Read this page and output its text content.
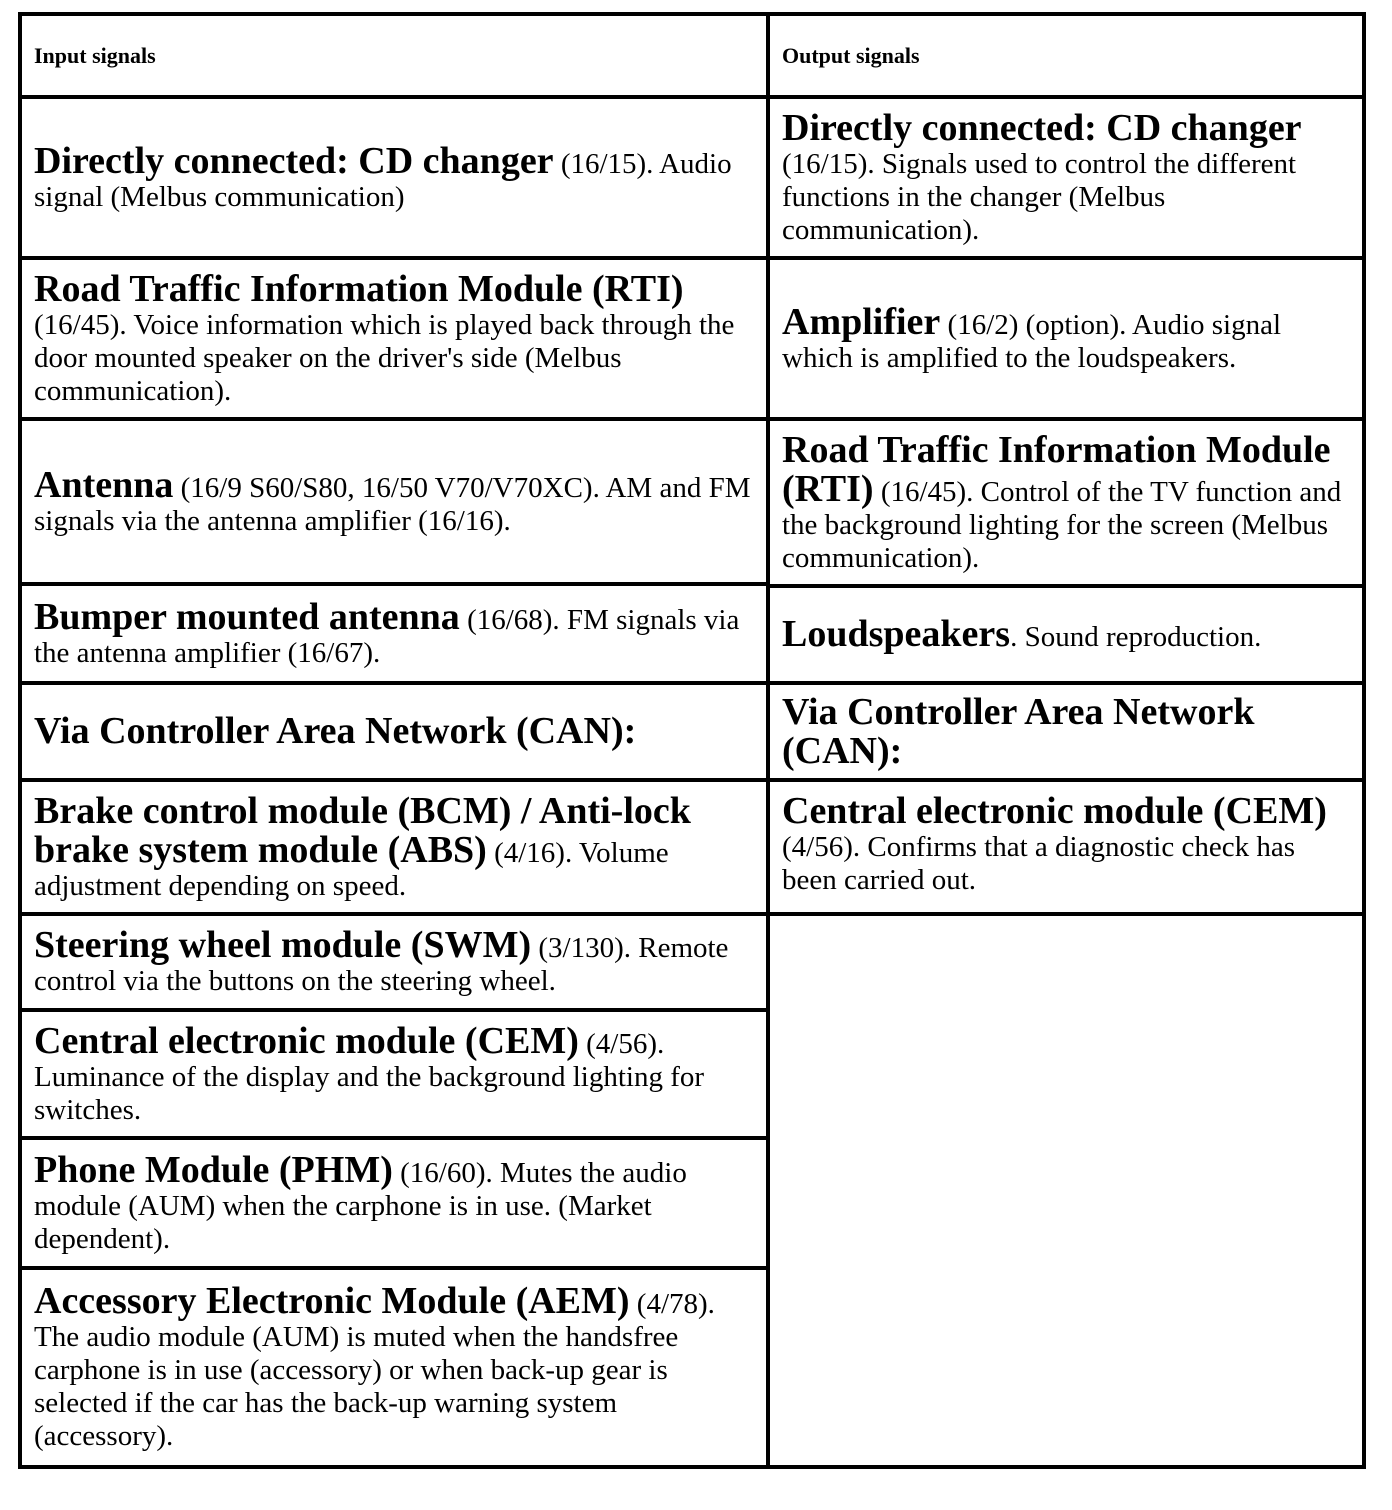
Input signals	Output signals
Directly connected: CD changer (16/15). Audio signal (Melbus communication)
Road Traffic Information Module (RTI) (16/45). Voice information which is played back through the door mounted speaker on the driver's side (Melbus communication).
Antenna (16/9 S60/S80, 16/50 V70/V70XC). AM and FM signals via the antenna amplifier (16/16).
Bumper mounted antenna (16/68). FM signals via the antenna amplifier (16/67).
Via Controller Area Network (CAN):
Brake control module (BCM) / Anti-lock brake system module (ABS) (4/16). Volume adjustment depending on speed.
Steering wheel module (SWM) (3/130). Remote control via the buttons on the steering wheel.
Central electronic module (CEM) (4/56). Luminance of the display and the background lighting for switches.
Phone Module (PHM) (16/60). Mutes the audio module (AUM) when the carphone is in use. (Market dependent).
Accessory Electronic Module (AEM) (4/78). The audio module (AUM) is muted when the handsfree carphone is in use (accessory) or when back-up gear is selected if the car has the back-up warning system (accessory).
Directly connected: CD changer
(16/15). Signals used to control the different functions in the changer (Melbus communication).
Amplifier (16/2) (option). Audio signal which is amplified to the loudspeakers.
Road Traffic Information Module (RTI) (16/45). Control of the TV function and the background lighting for the screen (Melbus communication).
Loudspeakers. Sound reproduction.
Via Controller Area Network (CAN):
Central electronic module (CEM)
(4/56). Confirms that a diagnostic check has been carried out.
